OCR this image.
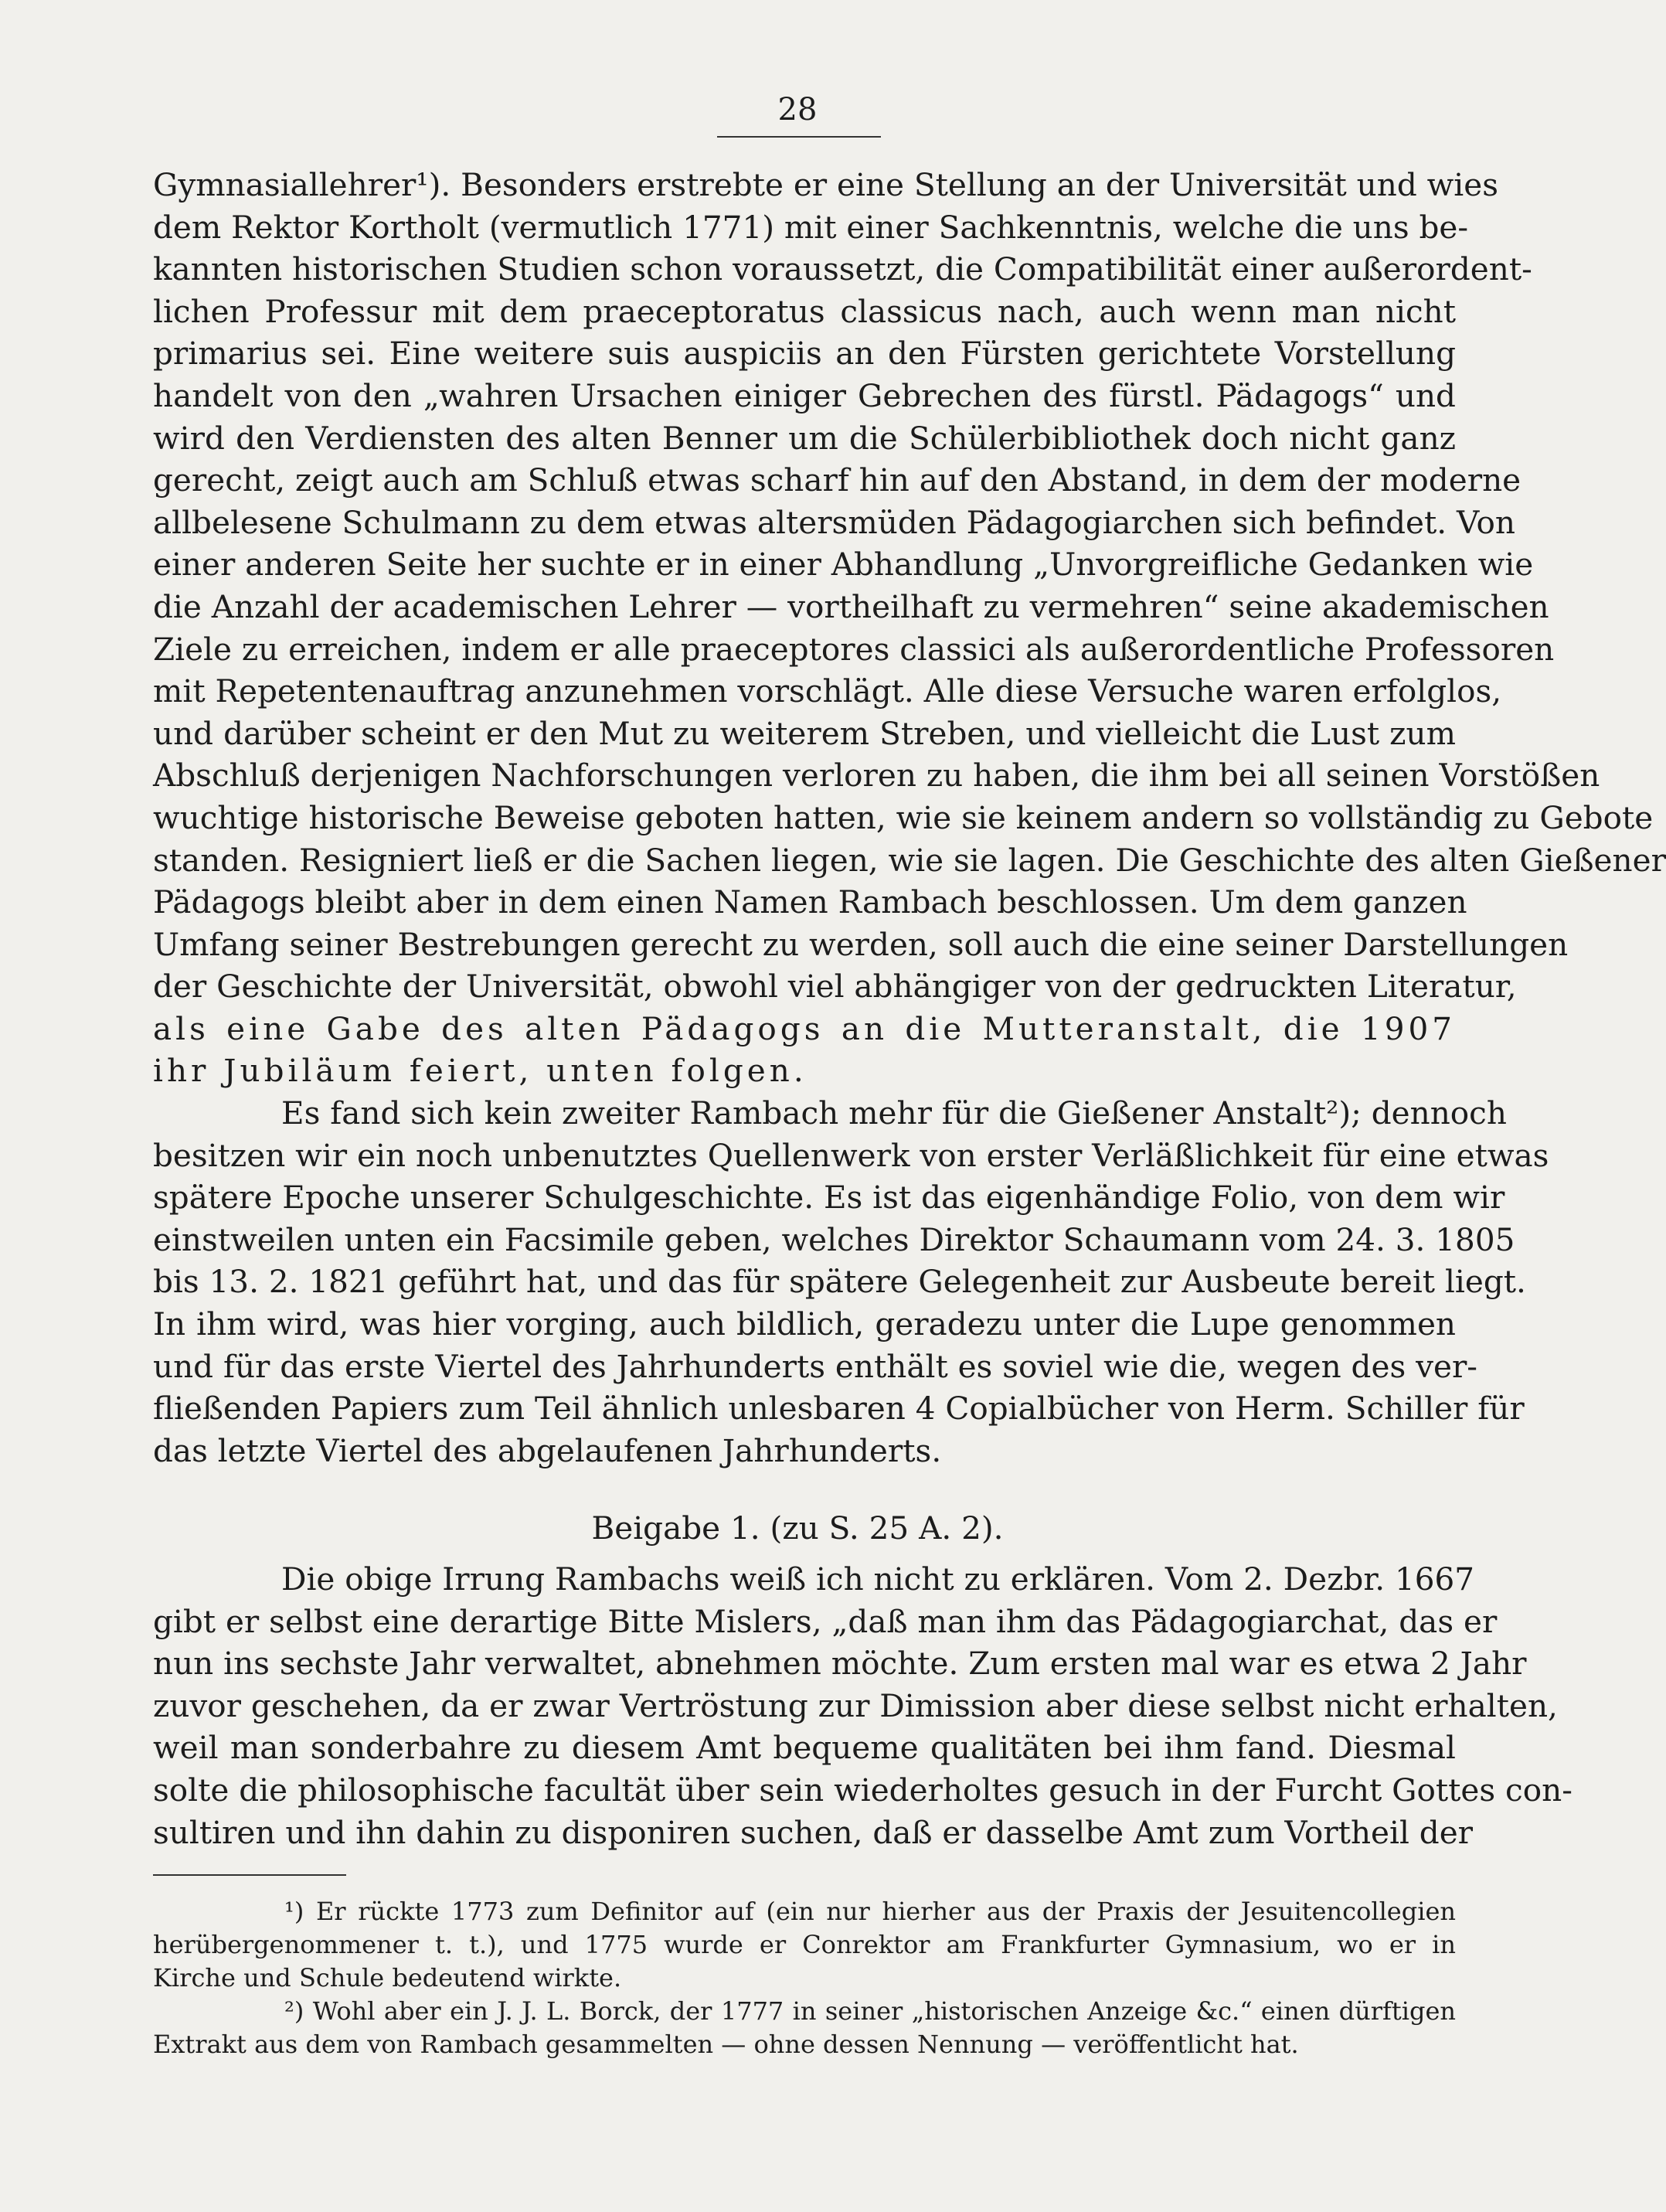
28
Gymnasiallehrer¹). Besonders erstrebte er eine Stellung an der Universität und wies
dem Rektor Kortholt (vermutlich 1771) mit einer Sachkenntnis, welche die uns be-
kannten historischen Studien schon voraussetzt, die Compatibilität einer außerordent-
lichen Professur mit dem praeceptoratus classicus nach, auch wenn man nicht
primarius sei. Eine weitere suis auspiciis an den Fürsten gerichtete Vorstellung
handelt von den „wahren Ursachen einiger Gebrechen des fürstl. Pädagogs“ und
wird den Verdiensten des alten Benner um die Schülerbibliothek doch nicht ganz
gerecht, zeigt auch am Schluß etwas scharf hin auf den Abstand, in dem der moderne
allbelesene Schulmann zu dem etwas altersmüden Pädagogiarchen sich befindet. Von
einer anderen Seite her suchte er in einer Abhandlung „Unvorgreifliche Gedanken wie
die Anzahl der academischen Lehrer — vortheilhaft zu vermehren“ seine akademischen
Ziele zu erreichen, indem er alle praeceptores classici als außerordentliche Professoren
mit Repetentenauftrag anzunehmen vorschlägt. Alle diese Versuche waren erfolglos,
und darüber scheint er den Mut zu weiterem Streben, und vielleicht die Lust zum
Abschluß derjenigen Nachforschungen verloren zu haben, die ihm bei all seinen Vorstößen
wuchtige historische Beweise geboten hatten, wie sie keinem andern so vollständig zu Gebote
standen. Resigniert ließ er die Sachen liegen, wie sie lagen. Die Geschichte des alten Gießener
Pädagogs bleibt aber in dem einen Namen Rambach beschlossen. Um dem ganzen
Umfang seiner Bestrebungen gerecht zu werden, soll auch die eine seiner Darstellungen
der Geschichte der Universität, obwohl viel abhängiger von der gedruckten Literatur,
als eine Gabe des alten Pädagogs an die Mutteranstalt, die 1907
ihr Jubiläum feiert, unten folgen.
Es fand sich kein zweiter Rambach mehr für die Gießener Anstalt²); dennoch
besitzen wir ein noch unbenutztes Quellenwerk von erster Verläßlichkeit für eine etwas
spätere Epoche unserer Schulgeschichte. Es ist das eigenhändige Folio, von dem wir
einstweilen unten ein Facsimile geben, welches Direktor Schaumann vom 24. 3. 1805
bis 13. 2. 1821 geführt hat, und das für spätere Gelegenheit zur Ausbeute bereit liegt.
In ihm wird, was hier vorging, auch bildlich, geradezu unter die Lupe genommen
und für das erste Viertel des Jahrhunderts enthält es soviel wie die, wegen des ver-
fließenden Papiers zum Teil ähnlich unlesbaren 4 Copialbücher von Herm. Schiller für
das letzte Viertel des abgelaufenen Jahrhunderts.
Beigabe 1. (zu S. 25 A. 2).
Die obige Irrung Rambachs weiß ich nicht zu erklären. Vom 2. Dezbr. 1667
gibt er selbst eine derartige Bitte Mislers, „daß man ihm das Pädagogiarchat, das er
nun ins sechste Jahr verwaltet, abnehmen möchte. Zum ersten mal war es etwa 2 Jahr
zuvor geschehen, da er zwar Vertröstung zur Dimission aber diese selbst nicht erhalten,
weil man sonderbahre zu diesem Amt bequeme qualitäten bei ihm fand. Diesmal
solte die philosophische facultät über sein wiederholtes gesuch in der Furcht Gottes con-
sultiren und ihn dahin zu disponiren suchen, daß er dasselbe Amt zum Vortheil der
¹) Er rückte 1773 zum Definitor auf (ein nur hierher aus der Praxis der Jesuitencollegien
herübergenommener t. t.), und 1775 wurde er Conrektor am Frankfurter Gymnasium, wo er in
Kirche und Schule bedeutend wirkte.
²) Wohl aber ein J. J. L. Borck, der 1777 in seiner „historischen Anzeige &c.“ einen dürftigen
Extrakt aus dem von Rambach gesammelten — ohne dessen Nennung — veröffentlicht hat.
